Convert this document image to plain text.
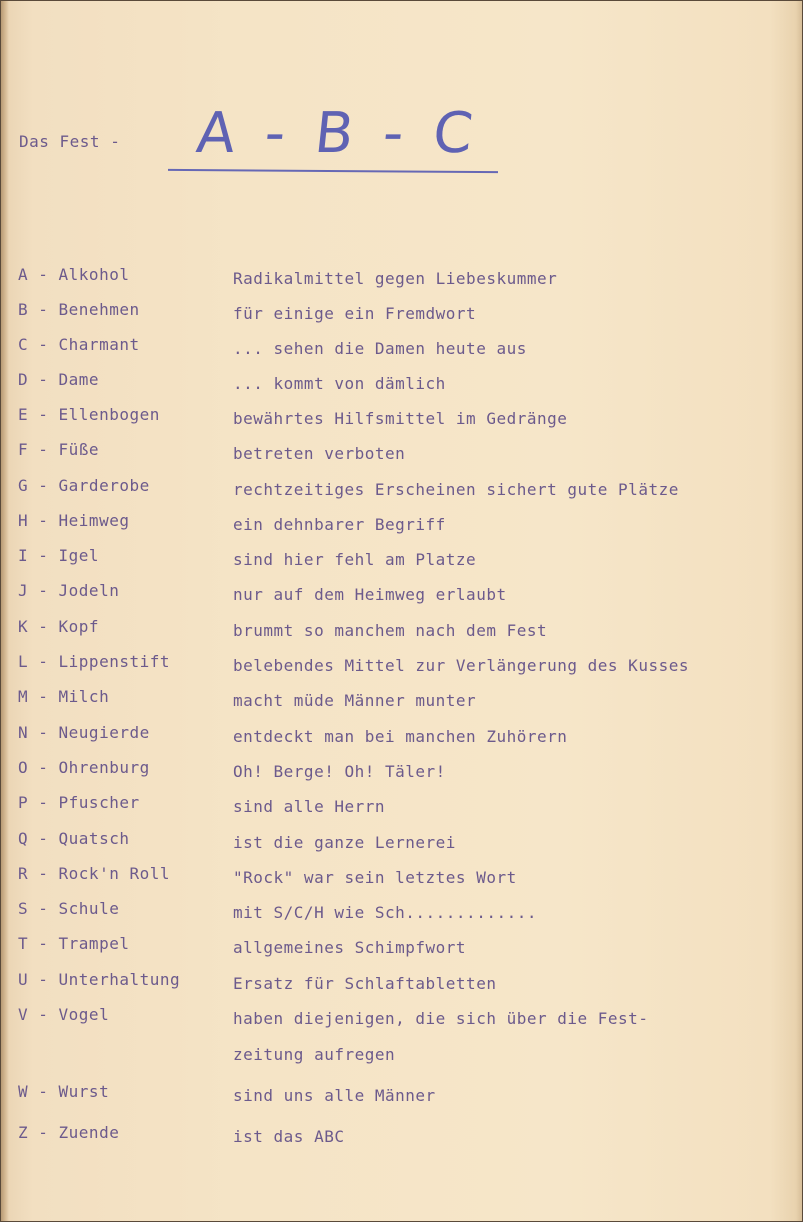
Das Fest - A - B - C
A - Alkohol	Radikalmittel gegen Liebeskummer
B - Benehmen	für einige ein Fremdwort
C - Charmant	... sehen die Damen heute aus
D - Dame	... kommt von dämlich
E - Ellenbogen	bewährtes Hilfsmittel im Gedränge
F - Füße	betreten verboten
G - Garderobe	rechtzeitiges Erscheinen sichert gute Plätze
H - Heimweg	ein dehnbarer Begriff
I - Igel	sind hier fehl am Platze
J - Jodeln	nur auf dem Heimweg erlaubt
K - Kopf	brummt so manchem nach dem Fest
L - Lippenstift	belebendes Mittel zur Verlängerung des Kusses
M - Milch	macht müde Männer munter
N - Neugierde	entdeckt man bei manchen Zuhörern
O - Ohrenburg	Oh! Berge! Oh! Täler!
P - Pfuscher	sind alle Herrn
Q - Quatsch	ist die ganze Lernerei
R - Rock'n Roll	"Rock" war sein letztes Wort
S - Schule	mit S/C/H wie Sch.............
T - Trampel	allgemeines Schimpfwort
U - Unterhaltung	Ersatz für Schlaftabletten
V - Vogel	haben diejenigen, die sich über die Fest-
zeitung aufregen
W - Wurst	sind uns alle Männer
Z - Zuende	ist das ABC
